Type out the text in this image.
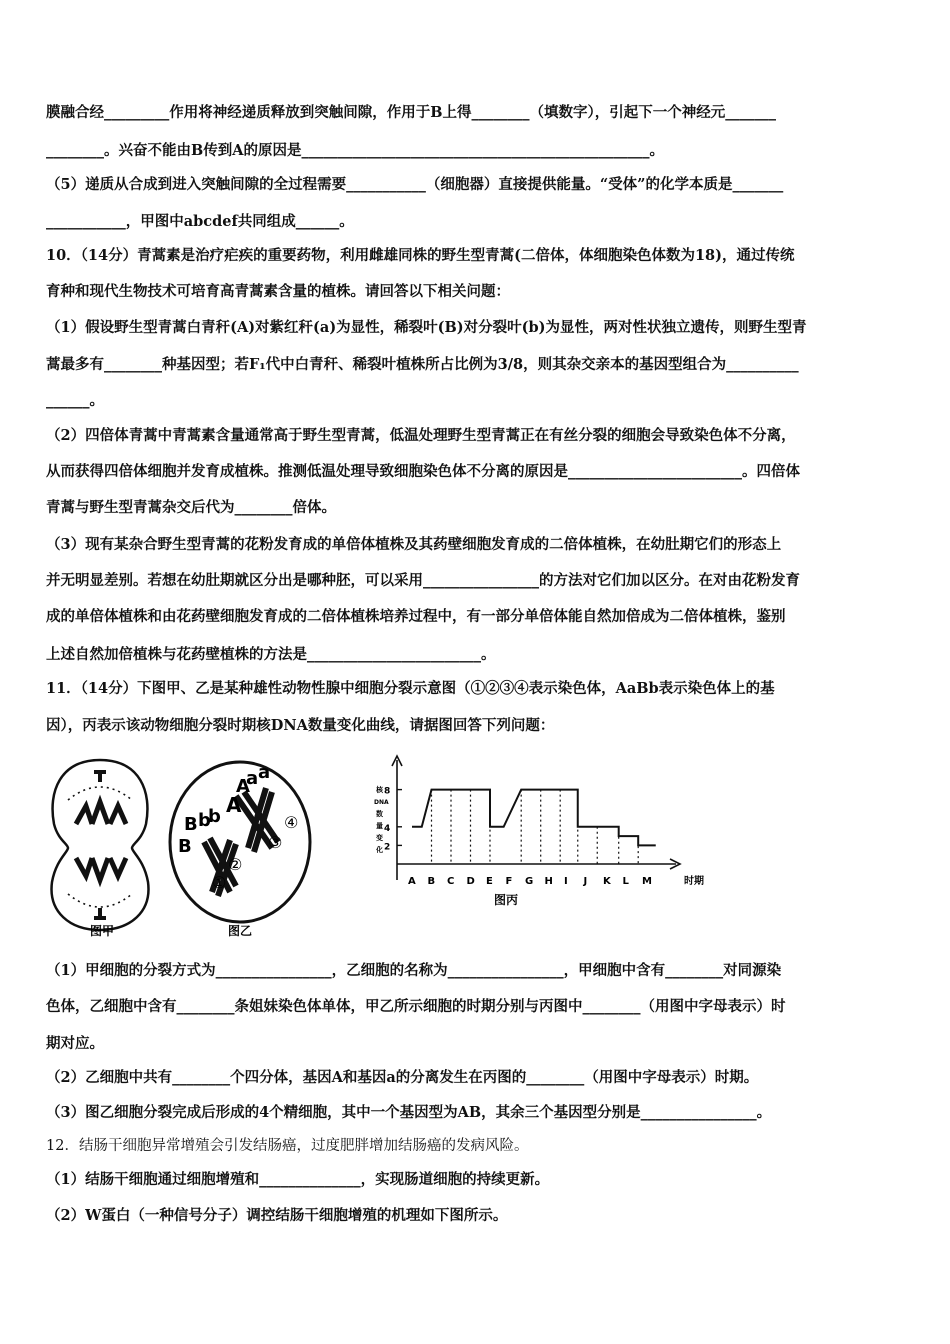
膜融合经_________作用将神经递质释放到突触间隙，作用于B上得________（填数字），引起下一个神经元_______
________。兴奋不能由B传到A的原因是________________________________________________。
（5）递质从合成到进入突触间隙的全过程需要___________（细胞器）直接提供能量。“受体”的化学本质是_______
___________，甲图中abcdef共同组成______。
10．（14分）青蒿素是治疗疟疾的重要药物，利用雌雄同株的野生型青蒿(二倍体，体细胞染色体数为18)，通过传统
育种和现代生物技术可培育高青蒿素含量的植株。请回答以下相关问题：
（1）假设野生型青蒿白青秆(A)对紫红秆(a)为显性，稀裂叶(B)对分裂叶(b)为显性，两对性状独立遗传，则野生型青
蒿最多有________种基因型；若F₁代中白青秆、稀裂叶植株所占比例为3/8，则其杂交亲本的基因型组合为__________
______。
（2）四倍体青蒿中青蒿素含量通常高于野生型青蒿，低温处理野生型青蒿正在有丝分裂的细胞会导致染色体不分离，
从而获得四倍体细胞并发育成植株。推测低温处理导致细胞染色体不分离的原因是________________________。四倍体
青蒿与野生型青蒿杂交后代为________倍体。
（3）现有某杂合野生型青蒿的花粉发育成的单倍体植株及其药壁细胞发育成的二倍体植株，在幼肚期它们的形态上
并无明显差别。若想在幼肚期就区分出是哪种胚，可以采用________________的方法对它们加以区分。在对由花粉发育
成的单倍体植株和由花药壁细胞发育成的二倍体植株培养过程中，有一部分单倍体能自然加倍成为二倍体植株，鉴别
上述自然加倍植株与花药壁植株的方法是________________________。
11．（14分）下图甲、乙是某种雄性动物性腺中细胞分裂示意图（①②③④表示染色体，AaBb表示染色体上的基
因），丙表示该动物细胞分裂时期核DNA数量变化曲线，请据图回答下列问题：
图甲
A
A
a a
B b
b
B
①
②
③
④
图乙
核
DNA
数
量
变
化 2
4
8
A B C D E F G H I J K L M	时期
图丙
（1）甲细胞的分裂方式为________________，乙细胞的名称为________________，甲细胞中含有________对同源染
色体，乙细胞中含有________条姐妹染色体单体，甲乙所示细胞的时期分别与丙图中________（用图中字母表示）时
期对应。
（2）乙细胞中共有________个四分体，基因A和基因a的分离发生在丙图的________（用图中字母表示）时期。
（3）图乙细胞分裂完成后形成的4个精细胞，其中一个基因型为AB，其余三个基因型分别是________________。
12．结肠干细胞异常增殖会引发结肠癌，过度肥胖增加结肠癌的发病风险。
（1）结肠干细胞通过细胞增殖和______________，实现肠道细胞的持续更新。
（2）W蛋白（一种信号分子）调控结肠干细胞增殖的机理如下图所示。
